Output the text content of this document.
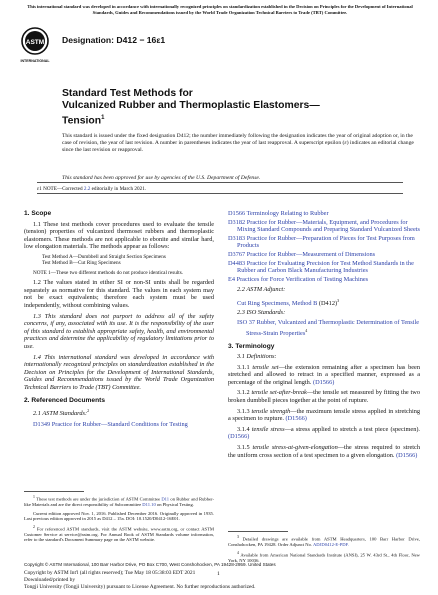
This international standard was developed in accordance with internationally recognized principles on standardization established in the Decision on Principles for the Development of International Standards, Guides and Recommendations issued by the World Trade Organization Technical Barriers to Trade (TBT) Committee.
ASTM
INTERNATIONAL
Designation: D412 − 16ε1
Standard Test Methods for
Vulcanized Rubber and Thermoplastic Elastomers—
Tension$^1$
This standard is issued under the fixed designation D412; the number immediately following the designation indicates the year of original adoption or, in the case of revision, the year of last revision. A number in parentheses indicates the year of last reapproval. A superscript epsilon (ε) indicates an editorial change since the last revision or reapproval.
This standard has been approved for use by agencies of the U.S. Department of Defense.
ε1 NOTE—Corrected 2.2 editorially in March 2021.
1. Scope

1.1 These test methods cover procedures used to evaluate the tensile (tension) properties of vulcanized thermoset rubbers and thermoplastic elastomers. These methods are not applicable to ebonite and similar hard, low elongation materials. The methods appear as follows:

Test Method A—Dumbbell and Straight Section Specimens
Test Method B—Cut Ring Specimens

NOTE 1—These two different methods do not produce identical results.

1.2 The values stated in either SI or non-SI units shall be regarded separately as normative for this standard. The values in each system may not be exact equivalents; therefore each system must be used independently, without combining values.

1.3 This standard does not purport to address all of the safety concerns, if any, associated with its use. It is the responsibility of the user of this standard to establish appropriate safety, health, and environmental practices and determine the applicability of regulatory limitations prior to use.

1.4 This international standard was developed in accordance with internationally recognized principles on standardization established in the Decision on Principles for the Development of International Standards, Guides and Recommendations issued by the World Trade Organization Technical Barriers to Trade (TBT) Committee.

2. Referenced Documents

2.1 ASTM Standards:$^2$

D1349 Practice for Rubber—Standard Conditions for Testing

$^1$ These test methods are under the jurisdiction of ASTM Committee D11 on Rubber and Rubber-like Materials and are the direct responsibility of Subcommittee D11.10 on Physical Testing.

Current edition approved Nov. 1, 2016. Published December 2016. Originally approved in 1935. Last previous edition approved in 2015 as D412 – 15a. DOI: 10.1520/D0412-16E01.

$^2$ For referenced ASTM standards, visit the ASTM website, www.astm.org, or contact ASTM Customer Service at service@astm.org. For Annual Book of ASTM Standards volume information, refer to the standard's Document Summary page on the ASTM website.

D1566 Terminology Relating to Rubber

D3182 Practice for Rubber—Materials, Equipment, and Procedures for Mixing Standard Compounds and Preparing Standard Vulcanized Sheets

D3183 Practice for Rubber—Preparation of Pieces for Test Purposes from Products

D3767 Practice for Rubber—Measurement of Dimensions

D4483 Practice for Evaluating Precision for Test Method Standards in the Rubber and Carbon Black Manufacturing Industries

E4 Practices for Force Verification of Testing Machines

2.2 ASTM Adjunct:

Cut Ring Specimens, Method B $(D412)^3$

2.3 ISO Standards:

ISO 37 Rubber, Vulcanized and Thermoplastic Determination of Tensile Stress-Strain Properties$^4$

3. Terminology

3.1 Definitions:

3.1.1 tensile set—the extension remaining after a specimen has been stretched and allowed to retract in a specified manner, expressed as a percentage of the original length. (D1566)

3.1.2 tensile set-after-break—the tensile set measured by fitting the two broken dumbbell pieces together at the point of rupture.

3.1.3 tensile strength—the maximum tensile stress applied in stretching a specimen to rupture. (D1566)

3.1.4 tensile stress—a stress applied to stretch a test piece (specimen). (D1566)

3.1.5 tensile stress-at-given-elongation—the stress required to stretch the uniform cross section of a test specimen to a given elongation. (D1566)

$^3$ Detailed drawings are available from ASTM Headquarters, 100 Barr Harbor Drive, Conshohocken, PA 19428. Order Adjunct No. ADJD0412-E-PDF.

$^4$ Available from American National Standards Institute (ANSI), 25 W. 43rd St., 4th Floor, New York, NY 10036.

Copyright © ASTM International, 100 Barr Harbor Drive, PO Box C700, West Conshohocken, PA 19428-2959. United States
Copyright by ASTM Int'l (all rights reserved); Tue May 18 05:38:03 EDT 2021	1
Downloaded/printed by
Tongji University (Tongji University) pursuant to License Agreement. No further reproductions authorized.
